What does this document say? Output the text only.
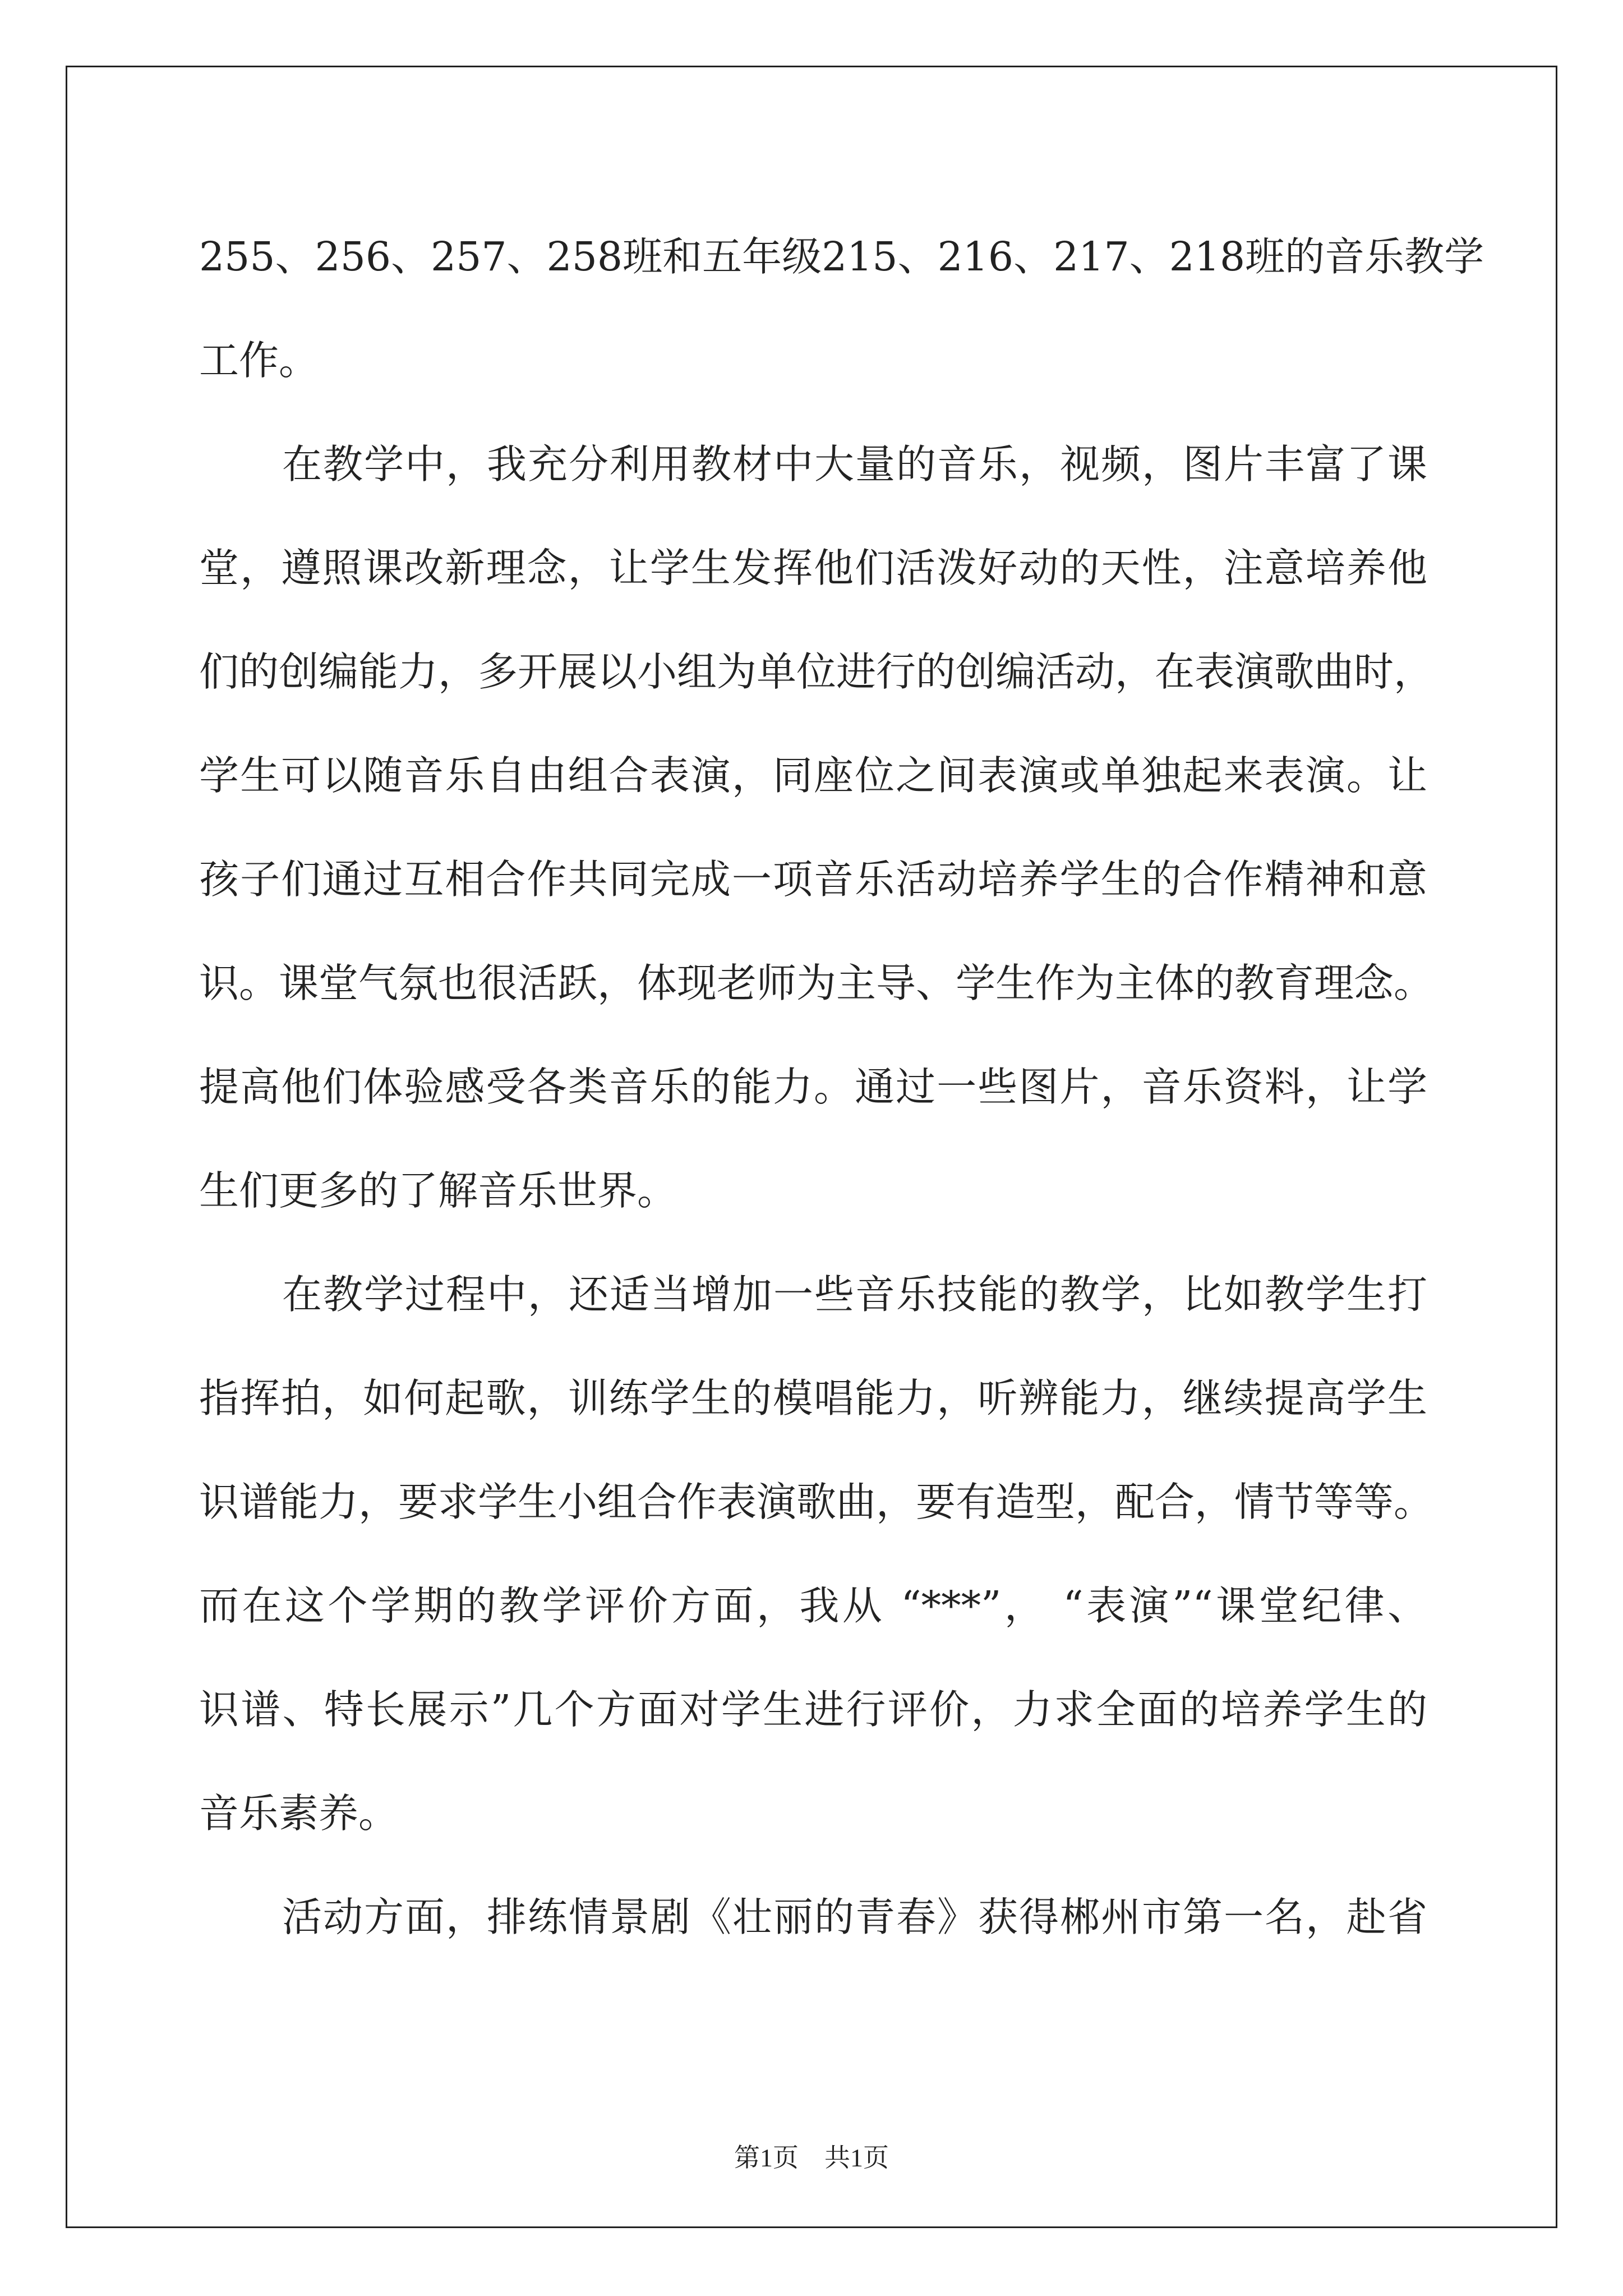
255、256、257、258班和五年级215、216、217、218班的音乐教学
工作。
在教学中，我充分利用教材中大量的音乐，视频，图片丰富了课
堂，遵照课改新理念，让学生发挥他们活泼好动的天性，注意培养他
们的创编能力，多开展以小组为单位进行的创编活动，在表演歌曲时，
学生可以随音乐自由组合表演，同座位之间表演或单独起来表演。让
孩子们通过互相合作共同完成一项音乐活动培养学生的合作精神和意
识。课堂气氛也很活跃，体现老师为主导、学生作为主体的教育理念。
提高他们体验感受各类音乐的能力。通过一些图片，音乐资料，让学
生们更多的了解音乐世界。
在教学过程中，还适当增加一些音乐技能的教学，比如教学生打
指挥拍，如何起歌，训练学生的模唱能力，听辨能力，继续提高学生
识谱能力，要求学生小组合作表演歌曲，要有造型，配合，情节等等。
而在这个学期的教学评价方面，我从 “***”， “表演”“课堂纪律、
识谱、特长展示”几个方面对学生进行评价，力求全面的培养学生的
音乐素养。
活动方面，排练情景剧《壮丽的青春》获得郴州市第一名，赴省
第1页　共1页
